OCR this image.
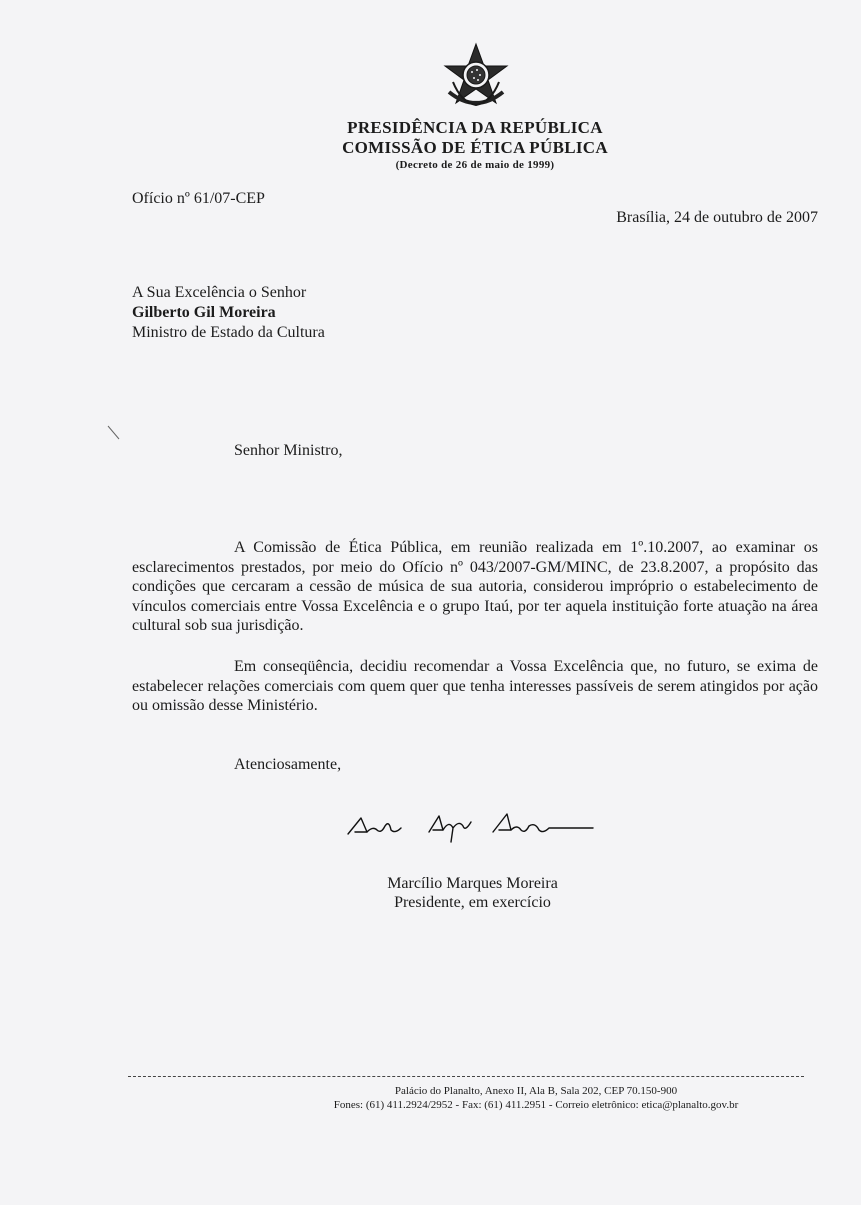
PRESIDÊNCIA DA REPÚBLICA
COMISSÃO DE ÉTICA PÚBLICA
(Decreto de 26 de maio de 1999)
Ofício nº 61/07-CEP
Brasília, 24 de outubro de 2007
A Sua Excelência o Senhor
Gilberto Gil Moreira
Ministro de Estado da Cultura
Senhor Ministro,
A Comissão de Ética Pública, em reunião realizada em 1º.10.2007, ao examinar os esclarecimentos prestados, por meio do Ofício nº 043/2007-GM/MINC, de 23.8.2007, a propósito das condições que cercaram a cessão de música de sua autoria, considerou impróprio o estabelecimento de vínculos comerciais entre Vossa Excelência e o grupo Itaú, por ter aquela instituição forte atuação na área cultural sob sua jurisdição.
Em conseqüência, decidiu recomendar a Vossa Excelência que, no futuro, se exima de estabelecer relações comerciais com quem quer que tenha interesses passíveis de serem atingidos por ação ou omissão desse Ministério.
Atenciosamente,
Marcílio Marques Moreira
Presidente, em exercício
Palácio do Planalto, Anexo II, Ala B, Sala 202, CEP 70.150-900
Fones: (61) 411.2924/2952 - Fax: (61) 411.2951 - Correio eletrônico: etica@planalto.gov.br
